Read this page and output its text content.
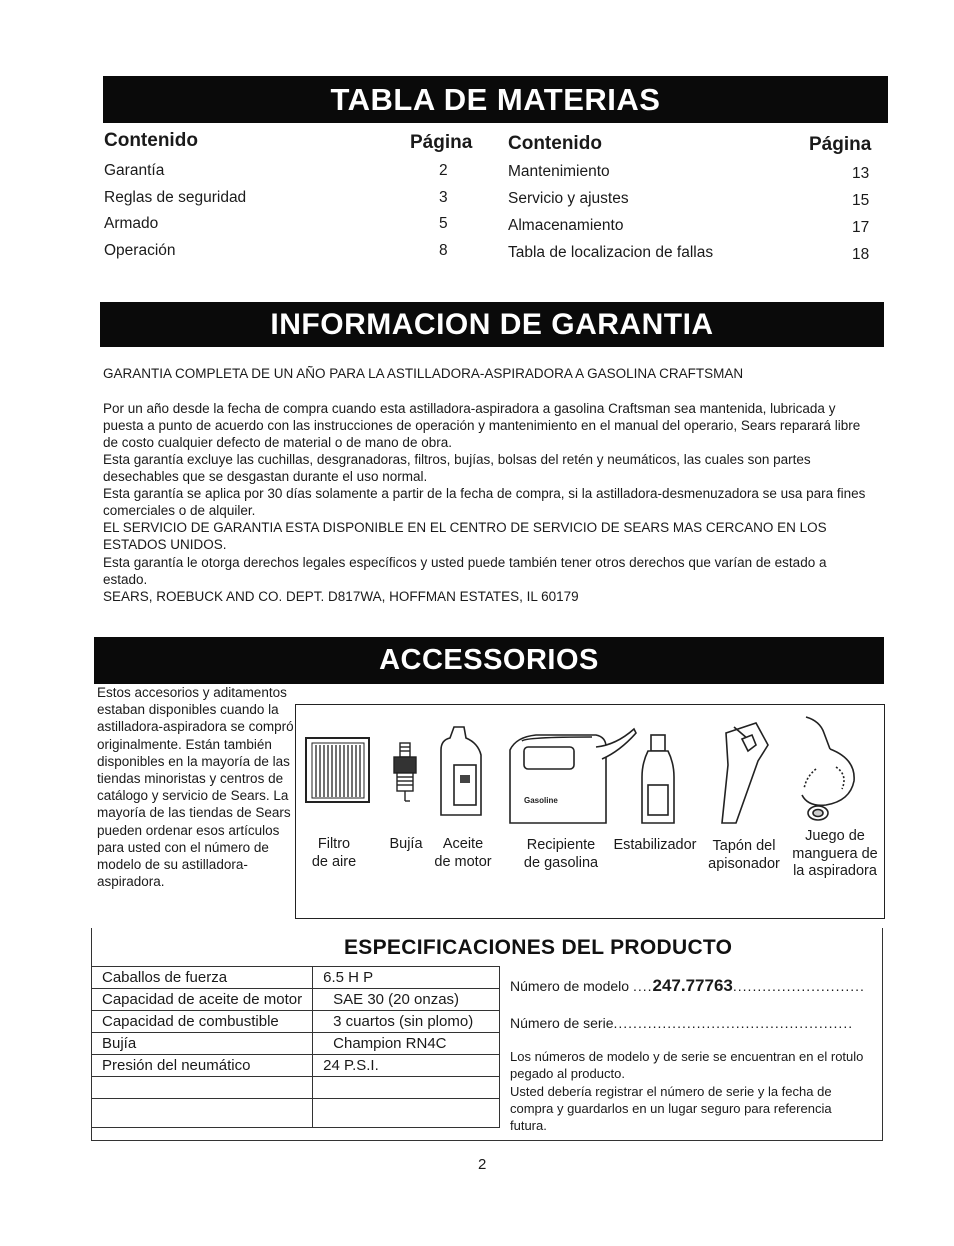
TABLA DE MATERIAS
Contenido	Página Contenido	Página
Garantía	2
Reglas de seguridad	3
Armado	5
Operación	8
Mantenimiento	13
Servicio y ajustes	15
Almacenamiento	17
Tabla de localizacion de fallas	18
INFORMACION DE GARANTIA
GARANTIA COMPLETA DE UN AÑO PARA LA ASTILLADORA-ASPIRADORA A GASOLINA CRAFTSMAN
Por un año desde la fecha de compra cuando esta astilladora-aspiradora a gasolina Craftsman sea mantenida, lubricada y puesta a punto de acuerdo con las instrucciones de operación y mantenimiento en el manual del operario, Sears reparará libre de costo cualquier defecto de material o de mano de obra.
Esta garantía excluye las cuchillas, desgranadoras, filtros, bujías, bolsas del retén y neumáticos, las cuales son partes desechables que se desgastan durante el uso normal.
Esta garantía se aplica por 30 días solamente a partir de la fecha de compra, si la astilladora-desmenuzadora se usa para fines comerciales o de alquiler.
EL SERVICIO DE GARANTIA ESTA DISPONIBLE EN EL CENTRO DE SERVICIO DE SEARS MAS CERCANO EN LOS ESTADOS UNIDOS.
Esta garantía le otorga derechos legales específicos y usted puede también tener otros derechos que varían de estado a estado.
SEARS, ROEBUCK AND CO. DEPT. D817WA, HOFFMAN ESTATES, IL 60179
ACCESSORIOS
Estos accesorios y aditamentos estaban disponibles cuando la astilladora-aspiradora se compró originalmente. Están también disponibles en la mayoría de las tiendas minoristas y centros de catálogo y servicio de Sears. La mayoría de las tiendas de Sears pueden ordenar esos artículos para usted con el número de modelo de su astilladora-aspiradora.
Gasoline
Filtro
de aire
Bujía	Aceite
de motor
Recipiente
de gasolina
Estabilizador	Tapón del
apisonador
Juego de
manguera de
la aspiradora
ESPECIFICACIONES DEL PRODUCTO
Caballos de fuerza	6.5 H P
Capacidad de aceite de motor	SAE 30 (20 onzas)
Capacidad de combustible	3 cuartos (sin plomo)
Bujía	Champion RN4C
Presión del neumático	24 P.S.I.

Número de modelo ....247.77763...........................
Número de serie.................................................
Los números de modelo y de serie se encuentran en el rotulo pegado al producto.
Usted debería registrar el número de serie y la fecha de compra y guardarlos en un lugar seguro para referencia futura.
2
